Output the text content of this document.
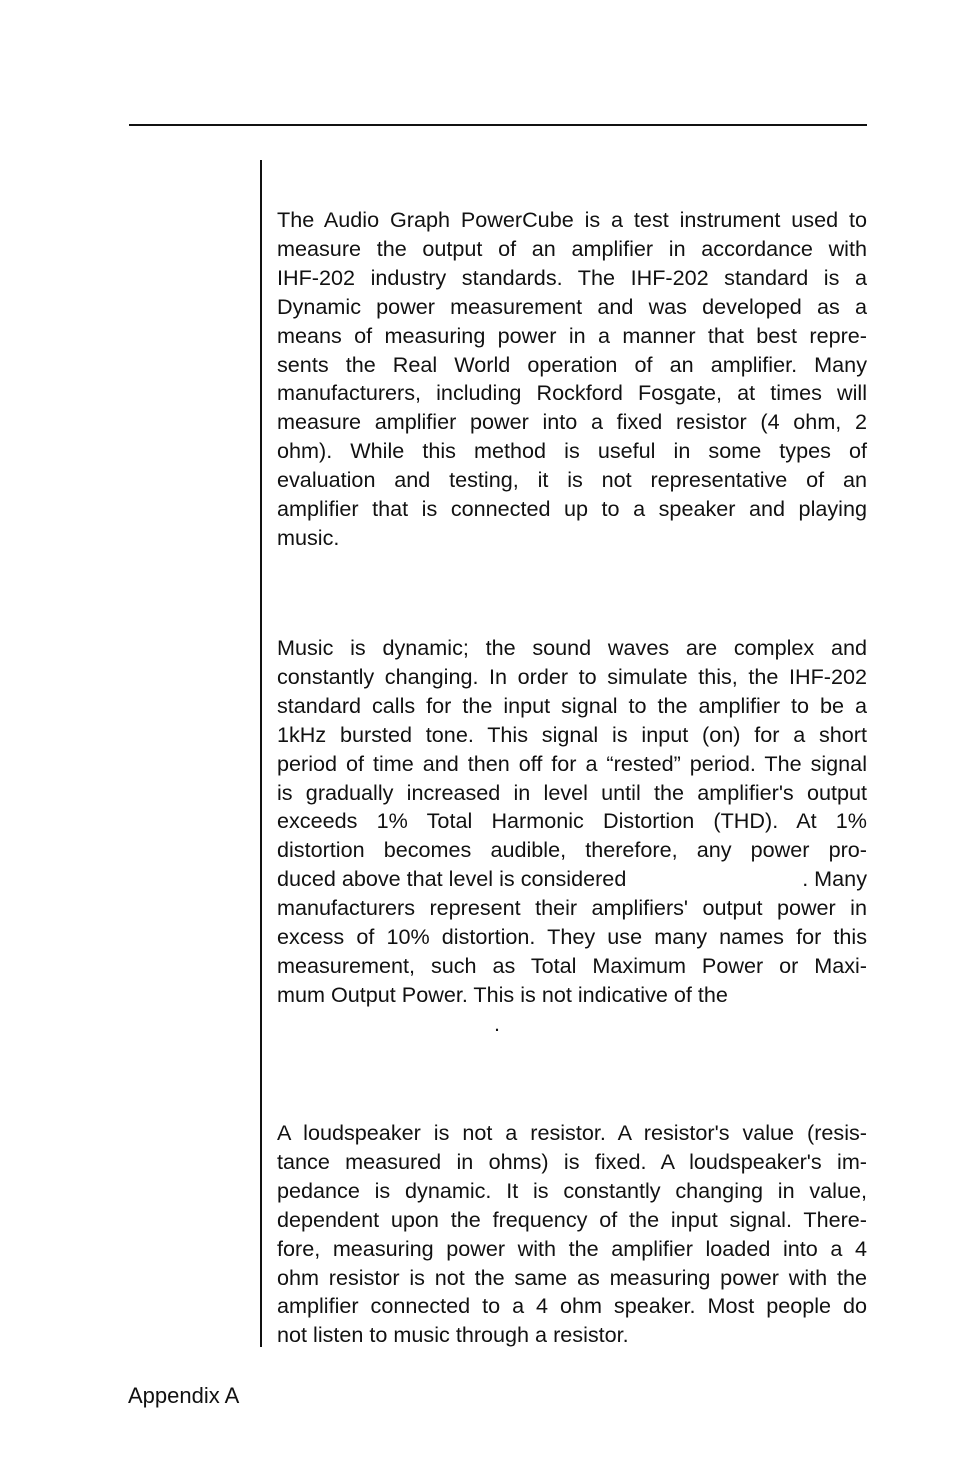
The Audio Graph PowerCube is a test instrument used to
measure the output of an amplifier in accordance with
IHF-202 industry standards. The IHF-202 standard is a
Dynamic power measurement and was developed as a
means of measuring power in a manner that best repre-
sents the Real World operation of an amplifier. Many
manufacturers, including Rockford Fosgate, at times will
measure amplifier power into a fixed resistor (4 ohm, 2
ohm). While this method is useful in some types of
evaluation and testing, it is not representative of an
amplifier that is connected up to a speaker and playing
music.

Music is dynamic; the sound waves are complex and
constantly changing. In order to simulate this, the IHF-202
standard calls for the input signal to the amplifier to be a
1kHz bursted tone. This signal is input (on) for a short
period of time and then off for a “rested” period. The signal
is gradually increased in level until the amplifier's output
exceeds 1% Total Harmonic Distortion (THD). At 1%
distortion becomes audible, therefore, any power pro-
duced above that level is considered	. Many
manufacturers represent their amplifiers' output power in
excess of 10% distortion. They use many names for this
measurement, such as Total Maximum Power or Maxi-
mum Output Power. This is not indicative of the
.

A loudspeaker is not a resistor. A resistor's value (resis-
tance measured in ohms) is fixed. A loudspeaker's im-
pedance is dynamic. It is constantly changing in value,
dependent upon the frequency of the input signal. There-
fore, measuring power with the amplifier loaded into a 4
ohm resistor is not the same as measuring power with the
amplifier connected to a 4 ohm speaker. Most people do
not listen to music through a resistor.

Appendix A
